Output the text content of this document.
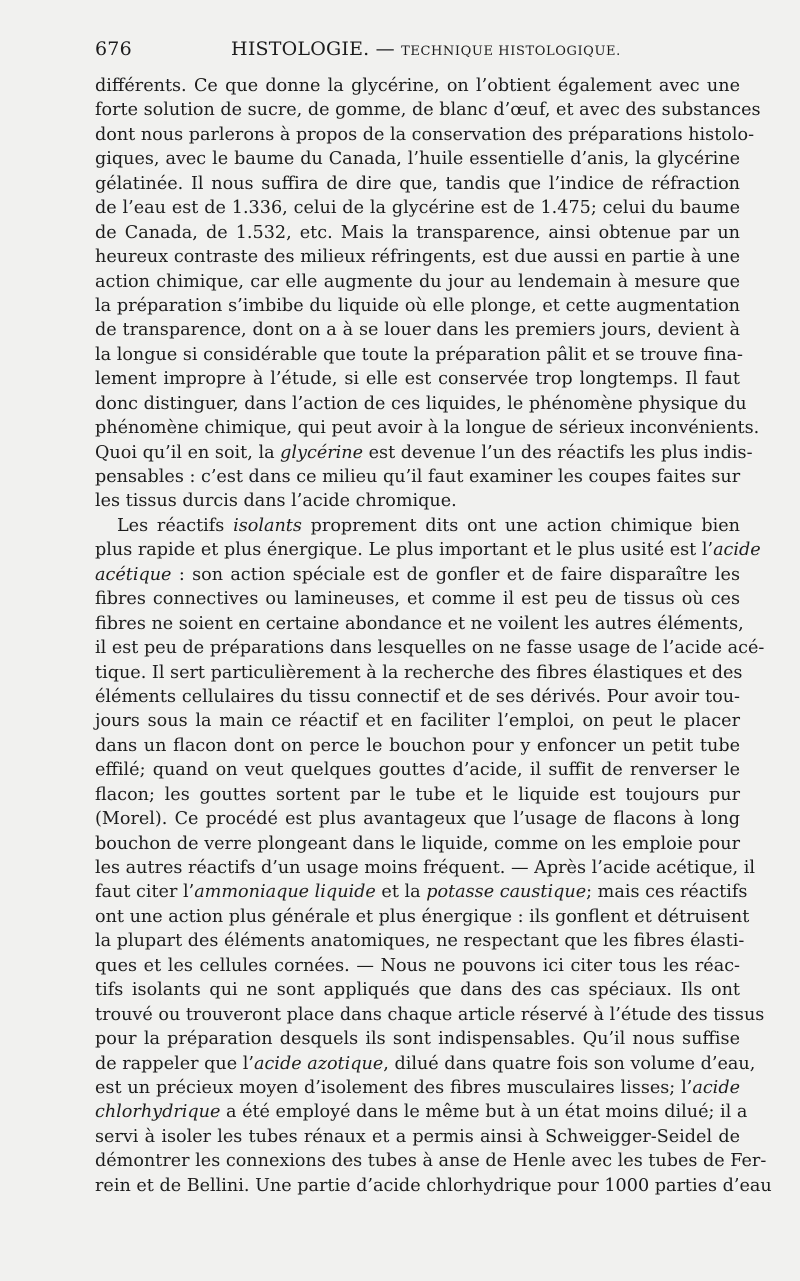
676	HISTOLOGIE. — TECHNIQUE HISTOLOGIQUE.
différents. Ce que donne la glycérine, on l’obtient également avec une
forte solution de sucre, de gomme, de blanc d’œuf, et avec des substances
dont nous parlerons à propos de la conservation des préparations histolo-
giques, avec le baume du Canada, l’huile essentielle d’anis, la glycérine
gélatinée. Il nous suffira de dire que, tandis que l’indice de réfraction
de l’eau est de 1.336, celui de la glycérine est de 1.475; celui du baume
de Canada, de 1.532, etc. Mais la transparence, ainsi obtenue par un
heureux contraste des milieux réfringents, est due aussi en partie à une
action chimique, car elle augmente du jour au lendemain à mesure que
la préparation s’imbibe du liquide où elle plonge, et cette augmentation
de transparence, dont on a à se louer dans les premiers jours, devient à
la longue si considérable que toute la préparation pâlit et se trouve fina-
lement impropre à l’étude, si elle est conservée trop longtemps. Il faut
donc distinguer, dans l’action de ces liquides, le phénomène physique du
phénomène chimique, qui peut avoir à la longue de sérieux inconvénients.
Quoi qu’il en soit, la glycérine est devenue l’un des réactifs les plus indis-
pensables : c’est dans ce milieu qu’il faut examiner les coupes faites sur
les tissus durcis dans l’acide chromique.
Les réactifs isolants proprement dits ont une action chimique bien
plus rapide et plus énergique. Le plus important et le plus usité est l’acide
acétique : son action spéciale est de gonfler et de faire disparaître les
fibres connectives ou lamineuses, et comme il est peu de tissus où ces
fibres ne soient en certaine abondance et ne voilent les autres éléments,
il est peu de préparations dans lesquelles on ne fasse usage de l’acide acé-
tique. Il sert particulièrement à la recherche des fibres élastiques et des
éléments cellulaires du tissu connectif et de ses dérivés. Pour avoir tou-
jours sous la main ce réactif et en faciliter l’emploi, on peut le placer
dans un flacon dont on perce le bouchon pour y enfoncer un petit tube
effilé; quand on veut quelques gouttes d’acide, il suffit de renverser le
flacon; les gouttes sortent par le tube et le liquide est toujours pur
(Morel). Ce procédé est plus avantageux que l’usage de flacons à long
bouchon de verre plongeant dans le liquide, comme on les emploie pour
les autres réactifs d’un usage moins fréquent. — Après l’acide acétique, il
faut citer l’ammoniaque liquide et la potasse caustique; mais ces réactifs
ont une action plus générale et plus énergique : ils gonflent et détruisent
la plupart des éléments anatomiques, ne respectant que les fibres élasti-
ques et les cellules cornées. — Nous ne pouvons ici citer tous les réac-
tifs isolants qui ne sont appliqués que dans des cas spéciaux. Ils ont
trouvé ou trouveront place dans chaque article réservé à l’étude des tissus
pour la préparation desquels ils sont indispensables. Qu’il nous suffise
de rappeler que l’acide azotique, dilué dans quatre fois son volume d’eau,
est un précieux moyen d’isolement des fibres musculaires lisses; l’acide
chlorhydrique a été employé dans le même but à un état moins dilué; il a
servi à isoler les tubes rénaux et a permis ainsi à Schweigger-Seidel de
démontrer les connexions des tubes à anse de Henle avec les tubes de Fer-
rein et de Bellini. Une partie d’acide chlorhydrique pour 1000 parties d’eau
